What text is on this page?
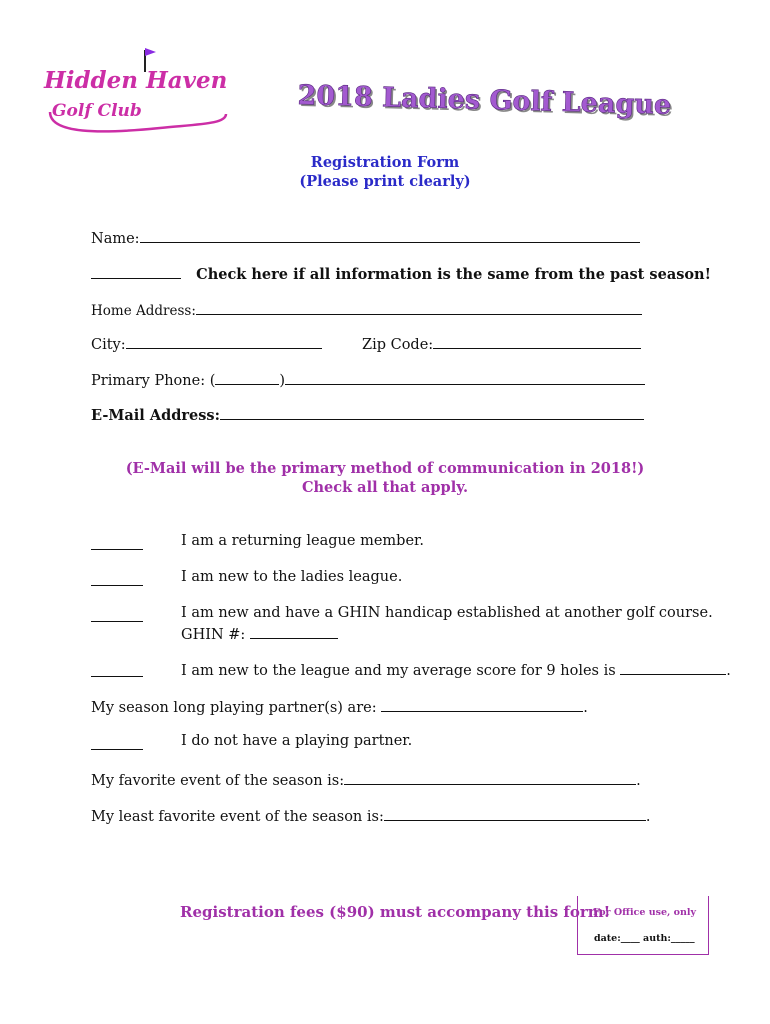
Hidden Haven
Golf Club	2018 Ladies Golf League
Registration Form
(Please print clearly)
Name:
Check here if all information is the same from the past season!
Home Address:
City:	Zip Code:
Primary Phone: (	)
E-Mail Address:
(E-Mail will be the primary method of communication in 2018!)
Check all that apply.
I am a returning league member.
I am new to the ladies league.
I am new and have a GHIN handicap established at another golf course.
GHIN #:
I am new to the league and my average score for 9 holes is	.
My season long playing partner(s) are:	.
I do not have a playing partner.
My favorite event of the season is:	.
My least favorite event of the season is:	.
Registration fees ($90) must accompany this form!
For Office use, only
date:____ auth:_____
